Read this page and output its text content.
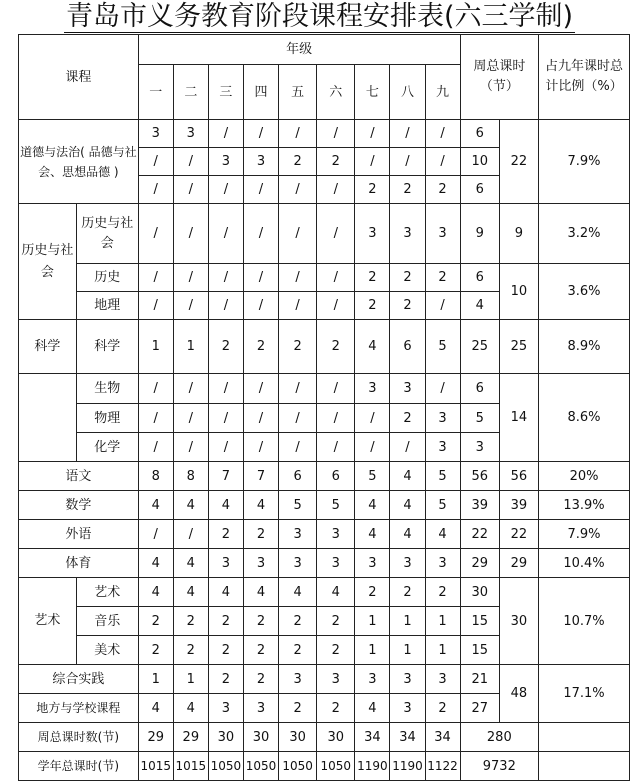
青岛市义务教育阶段课程安排表(六三学制)
课程		年级									周总课时（节）		占九年课时总计比例（%）
		一	二	三	四	五	六	七	八	九			
道德与法治( 品德与社会、思想品德 )		3	3	/	/	/	/	/	/	/	6	22	7.9%
		/	/	3	3	2	2	/	/	/	10		
		/	/	/	/	/	/	2	2	2	6		
历史与社会	历史与社会	/	/	/	/	/	/	3	3	3	9	9	3.2%
	历史	/	/	/	/	/	/	2	2	2	6	10	3.6%
	地理	/	/	/	/	/	/	2	2	/	4		
科学	科学	1	1	2	2	2	2	4	6	5	25	25	8.9%
	生物	/	/	/	/	/	/	3	3	/	6	14	8.6%
	物理	/	/	/	/	/	/	/	2	3	5		
	化学	/	/	/	/	/	/	/	/	3	3		
语文		8	8	7	7	6	6	5	4	5	56	56	20%
数学		4	4	4	4	5	5	4	4	5	39	39	13.9%
外语		/	/	2	2	3	3	4	4	4	22	22	7.9%
体育		4	4	3	3	3	3	3	3	3	29	29	10.4%
艺术	艺术	4	4	4	4	4	4	2	2	2	30	30	10.7%
	音乐	2	2	2	2	2	2	1	1	1	15		
	美术	2	2	2	2	2	2	1	1	1	15		
综合实践		1	1	2	2	3	3	3	3	3	21	48	17.1%
地方与学校课程		4	4	3	3	2	2	4	3	2	27		
周总课时数(节)		29	29	30	30	30	30	34	34	34	280		
学年总课时(节)		1015	1015	1050	1050	1050	1050	1190	1190	1122	9732		
